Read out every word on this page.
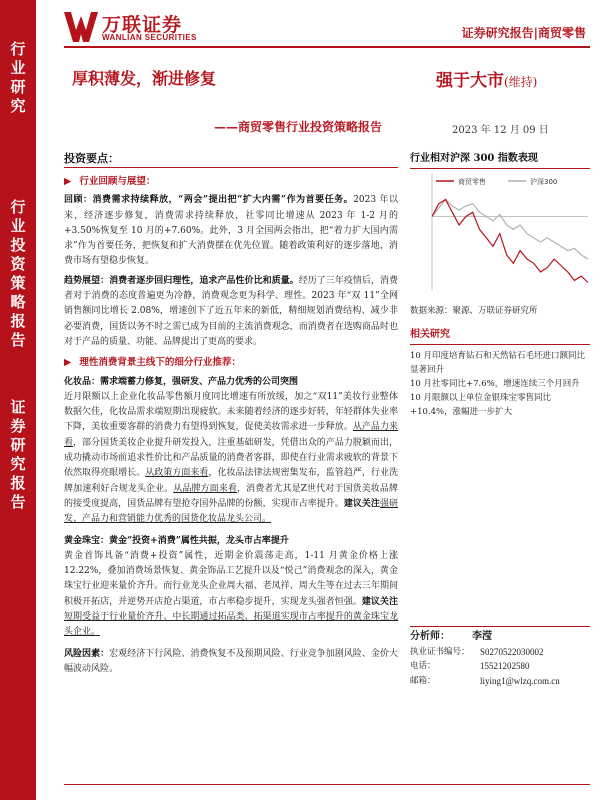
行
业
研
究
行
业
投
资
策
略
报
告
证
券
研
究
报
告
万联证券
WANLIAN SECURITIES	证券研究报告|商贸零售
厚积薄发，渐进修复
——商贸零售行业投资策略报告
强于大市(维持)
2023 年 12 月 09 日
投资要点：
▶ 行业回顾与展望：
回顾：消费需求持续释放，“两会”提出把“扩大内需”作为首要任务。2023 年以来，经济逐步修复，消费需求持续释放，社零同比增速从 2023 年 1-2 月的+3.50%恢复至 10 月的+7.60%。此外，3 月全国两会指出，把“着力扩大国内需求”作为首要任务，把恢复和扩大消费摆在优先位置。随着政策利好的逐步落地，消费市场有望稳步恢复。
趋势展望：消费者逐步回归理性，追求产品性价比和质量。经历了三年疫情后，消费者对于消费的态度普遍更为冷静，消费观念更为科学、理性。2023 年“双 11”全网销售额同比增长 2.08%，增速创下了近五年来的新低，精细规划消费结构、减少非必要消费，国货以务不时之需已成为目前的主流消费观念，而消费者在选购商品时也对于产品的质量、功能、品牌提出了更高的要求。
▶ 理性消费背景主线下的细分行业推荐：
化妆品：需求端蓄力修复，强研发、产品力优秀的公司突围
近月限额以上企业化妆品零售额月度同比增速有所放缓，加之“双11”美妆行业整体数据欠佳，化妆品需求端短期出现疲软。未来随着经济的逐步好转，年轻群体失业率下降，美妆重要客群的消费力有望得到恢复，促使美妆需求进一步释放。从产品力来看，部分国货美妆企业提升研发投入，注重基础研发，凭借出众的产品力脱颖而出，成功撬动市场前追求性价比和产品质量的消费者客群，即使在行业需求疲软的背景下依然取得亮眼增长。从政策方面来看，化妆品法律法规密集发布，监管趋严，行业洗牌加速利好合规龙头企业。从品牌方面来看，消费者尤其是Z世代对于国货美妆品牌的接受度提高，国货品牌有望抢夺国外品牌的份额，实现市占率提升。建议关注强研发、产品力和营销能力优秀的国货化妆品龙头公司。
黄金珠宝：黄金“投资+消费”属性共振，龙头市占率提升
黄金首饰具备“消费+投资”属性，近期金价震荡走高，1-11 月黄金价格上涨 12.22%，叠加消费场景恢复、黄金饰品工艺提升以及“悦己”消费观念的深入，黄金珠宝行业迎来量价齐升。而行业龙头企业周大福、老凤祥、周大生等在过去三年期间积极开拓店，并逆势开店抢占渠道，市占率稳步提升，实现龙头强者恒强。建议关注短期受益于行业量价齐升、中长期通过拓品类、拓渠道实现市占率提升的黄金珠宝龙头企业。
风险因素：宏观经济下行风险、消费恢复不及预期风险、行业竞争加剧风险、金价大幅波动风险。
行业相对沪深 300 指数表现
商贸零售	沪深300
数据来源：聚源、万联证券研究所
相关研究
10 月印度培育钻石和天然钻石毛坯进口额同比显著回升
10 月社零同比+7.6%，增速连续三个月回升
10 月限额以上单位金银珠宝零售同比+10.4%，涨幅进一步扩大
分析师： 李滢
执业证书编号： S0270522030002
电话：	15521202580
邮箱：	liying1@wlzq.com.cn
